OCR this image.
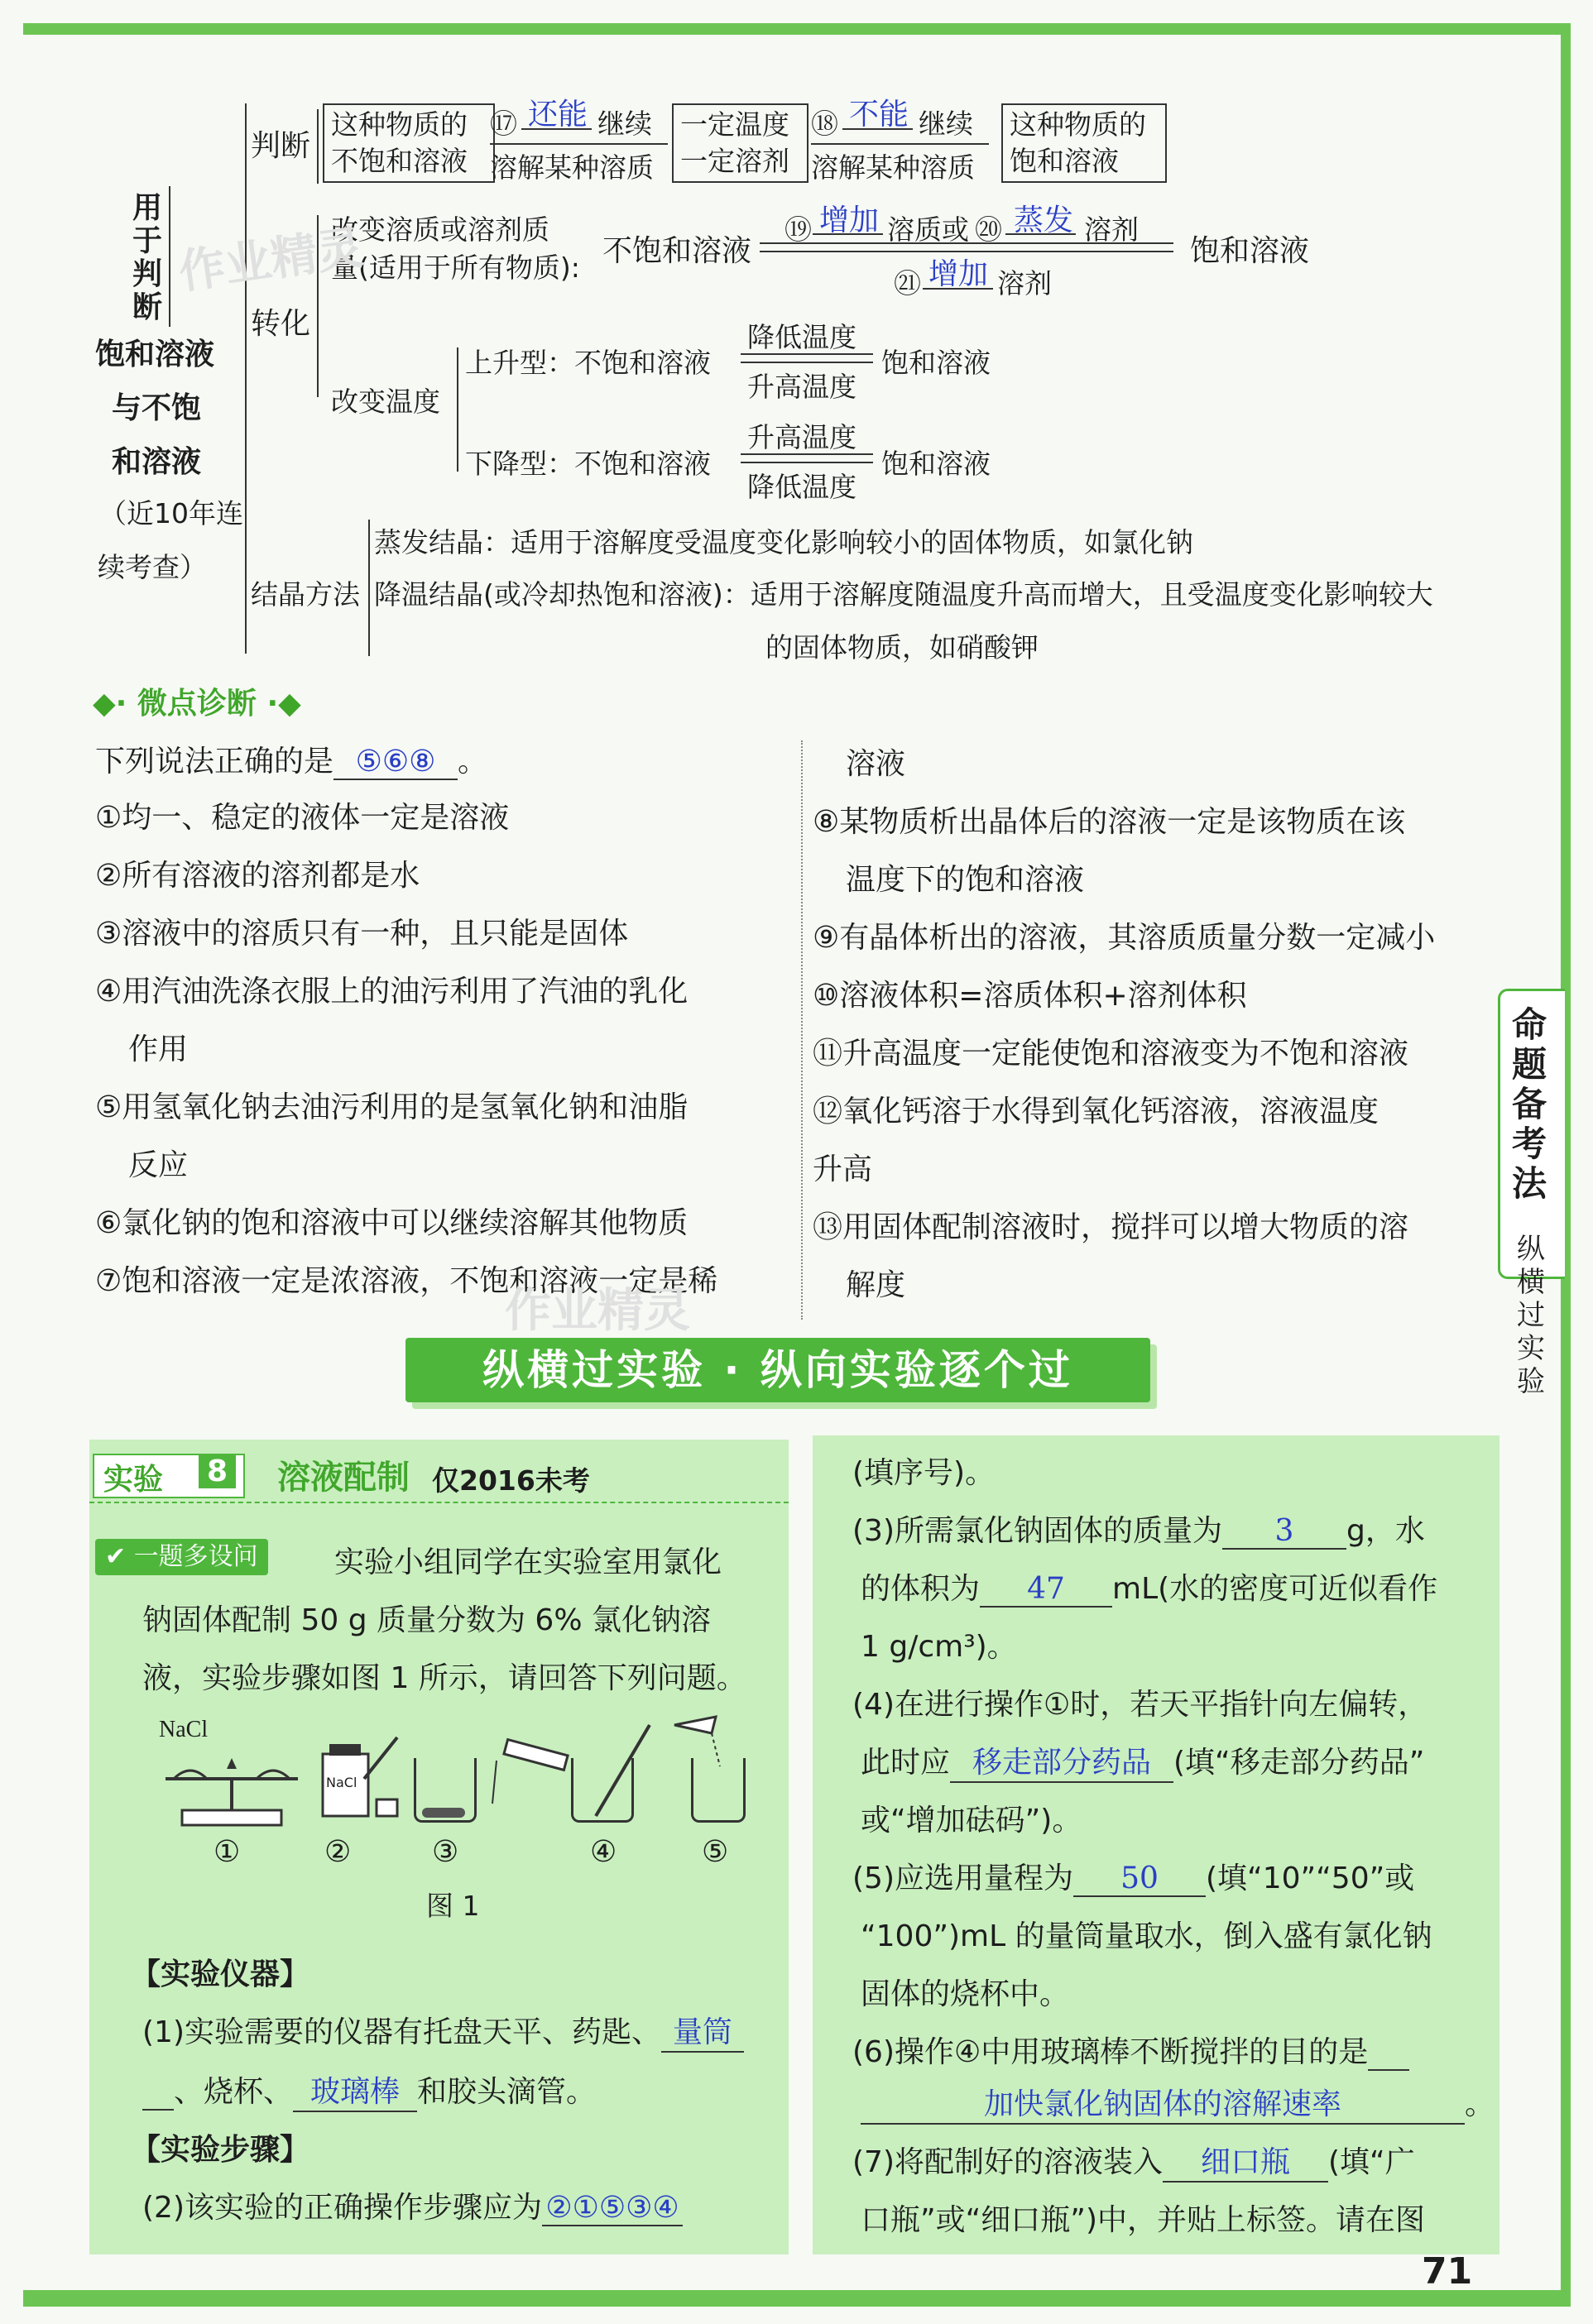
用于判断
饱和溶液
与不饱
和溶液
（近10年连
续考查）
判断
这种物质的
不饱和溶液
⑰ 还能 继续
溶解某种溶质
一定温度
一定溶剂
⑱ 不能 继续
溶解某种溶质
这种物质的
饱和溶液
转化
改变溶质或溶剂质
量(适用于所有物质): 不饱和溶液
⑲ 增加 溶质或 ⑳ 蒸发 溶剂
饱和溶液
㉑ 增加 溶剂
改变温度
上升型：不饱和溶液
降低温度
升高温度
饱和溶液
下降型：不饱和溶液
升高温度
降低温度
饱和溶液
结晶方法
蒸发结晶：适用于溶解度受温度变化影响较小的固体物质，如氯化钠
降温结晶(或冷却热饱和溶液)：适用于溶解度随温度升高而增大，且受温度变化影响较大
的固体物质，如硝酸钾
◆· 微点诊断 ·◆
下列说法正确的是 ⑤⑥⑧ 。
①均一、稳定的液体一定是溶液
②所有溶液的溶剂都是水
③溶液中的溶质只有一种，且只能是固体
④用汽油洗涤衣服上的油污利用了汽油的乳化
作用
⑤用氢氧化钠去油污利用的是氢氧化钠和油脂
反应
⑥氯化钠的饱和溶液中可以继续溶解其他物质
⑦饱和溶液一定是浓溶液，不饱和溶液一定是稀
溶液
⑧某物质析出晶体后的溶液一定是该物质在该
温度下的饱和溶液
⑨有晶体析出的溶液，其溶质质量分数一定减小
⑩溶液体积=溶质体积+溶剂体积
⑪升高温度一定能使饱和溶液变为不饱和溶液
⑫氧化钙溶于水得到氧化钙溶液，溶液温度
升高
⑬用固体配制溶液时，搅拌可以增大物质的溶
解度
作业精灵
作业精灵
纵横过实验 · 纵向实验逐个过
命题备考法
纵横过实验
实验 8 溶液配制 仅2016未考
✔ 一题多设问	实验小组同学在实验室用氯化
钠固体配制 50 g 质量分数为 6% 氯化钠溶
液，实验步骤如图 1 所示，请回答下列问题。
NaCl
NaCl
①	②	③	④	⑤
图 1
【实验仪器】
(1)实验需要的仪器有托盘天平、药匙、 量筒
、烧杯、 玻璃棒 和胶头滴管。
【实验步骤】
(2)该实验的正确操作步骤应为 ②①⑤③④
(填序号)。
(3)所需氯化钠固体的质量为 3 g，水
的体积为 47 mL(水的密度可近似看作
1 g/cm³)。
(4)在进行操作①时，若天平指针向左偏转，
此时应 移走部分药品 (填“移走部分药品”
或“增加砝码”)。
(5)应选用量程为 50 (填“10”“50”或
“100”)mL 的量筒量取水，倒入盛有氯化钠
固体的烧杯中。
(6)操作④中用玻璃棒不断搅拌的目的是
加快氯化钠固体的溶解速率	。
(7)将配制好的溶液装入 细口瓶 (填“广
口瓶”或“细口瓶”)中，并贴上标签。请在图
71
